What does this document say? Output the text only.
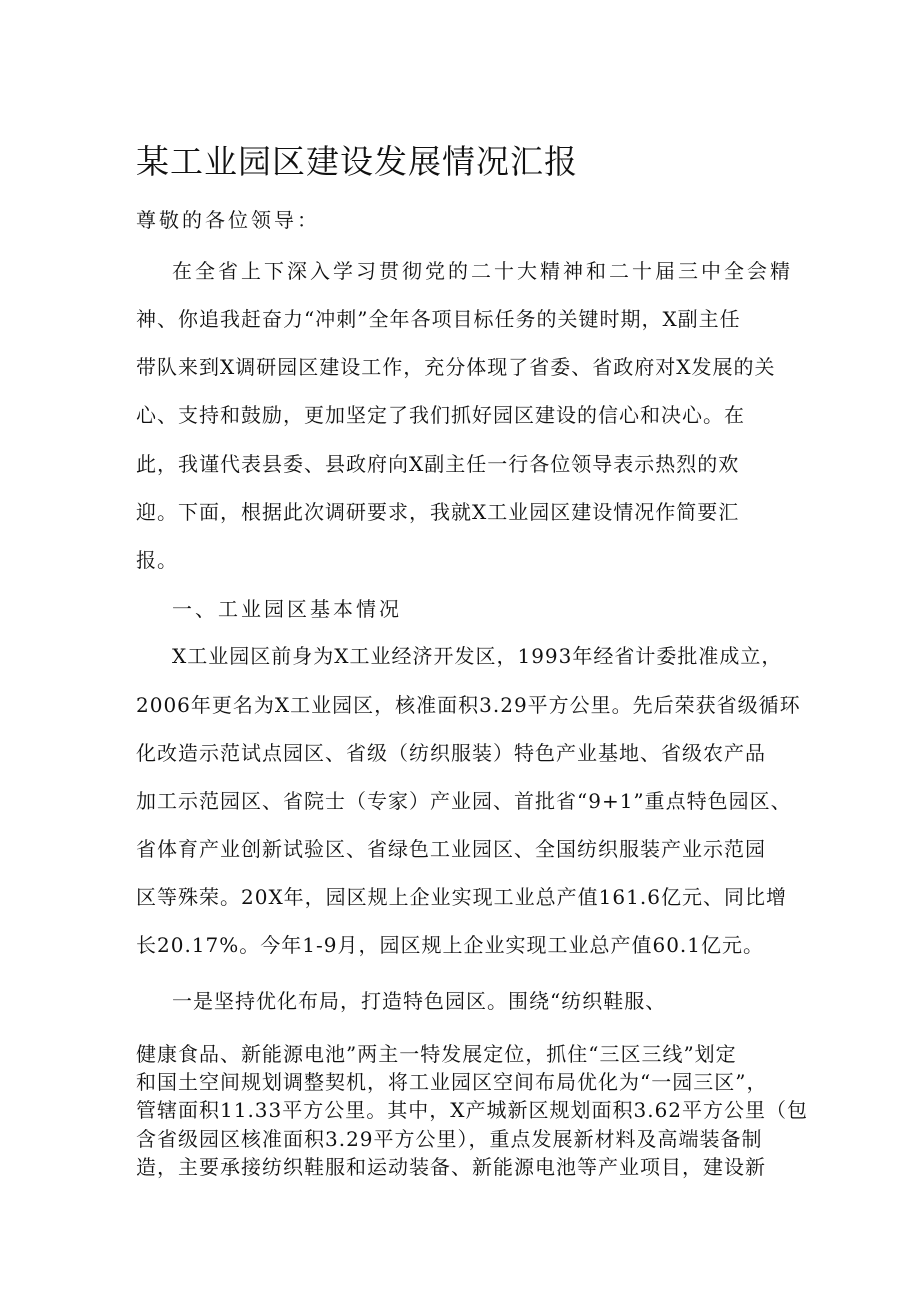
某工业园区建设发展情况汇报

尊敬的各位领导：

在全省上下深入学习贯彻党的二十大精神和二十届三中全会精

神、你追我赶奋力“冲刺”全年各项目标任务的关键时期，X副主任

带队来到X调研园区建设工作，充分体现了省委、省政府对X发展的关

心、支持和鼓励，更加坚定了我们抓好园区建设的信心和决心。在

此，我谨代表县委、县政府向X副主任一行各位领导表示热烈的欢

迎。下面，根据此次调研要求，我就X工业园区建设情况作简要汇

报。

一、工业园区基本情况

X工业园区前身为X工业经济开发区，1993年经省计委批准成立，

2006年更名为X工业园区，核准面积3.29平方公里。先后荣获省级循环

化改造示范试点园区、省级（纺织服装）特色产业基地、省级农产品

加工示范园区、省院士（专家）产业园、首批省“9+1”重点特色园区、

省体育产业创新试验区、省绿色工业园区、全国纺织服装产业示范园

区等殊荣。20X年，园区规上企业实现工业总产值161.6亿元、同比增

长20.17%。今年1-9月，园区规上企业实现工业总产值60.1亿元。

一是坚持优化布局，打造特色园区。围绕“纺织鞋服、

健康食品、新能源电池”两主一特发展定位，抓住“三区三线”划定

和国土空间规划调整契机，将工业园区空间布局优化为“一园三区”，

管辖面积11.33平方公里。其中，X产城新区规划面积3.62平方公里（包

含省级园区核准面积3.29平方公里），重点发展新材料及高端装备制

造，主要承接纺织鞋服和运动装备、新能源电池等产业项目，建设新
